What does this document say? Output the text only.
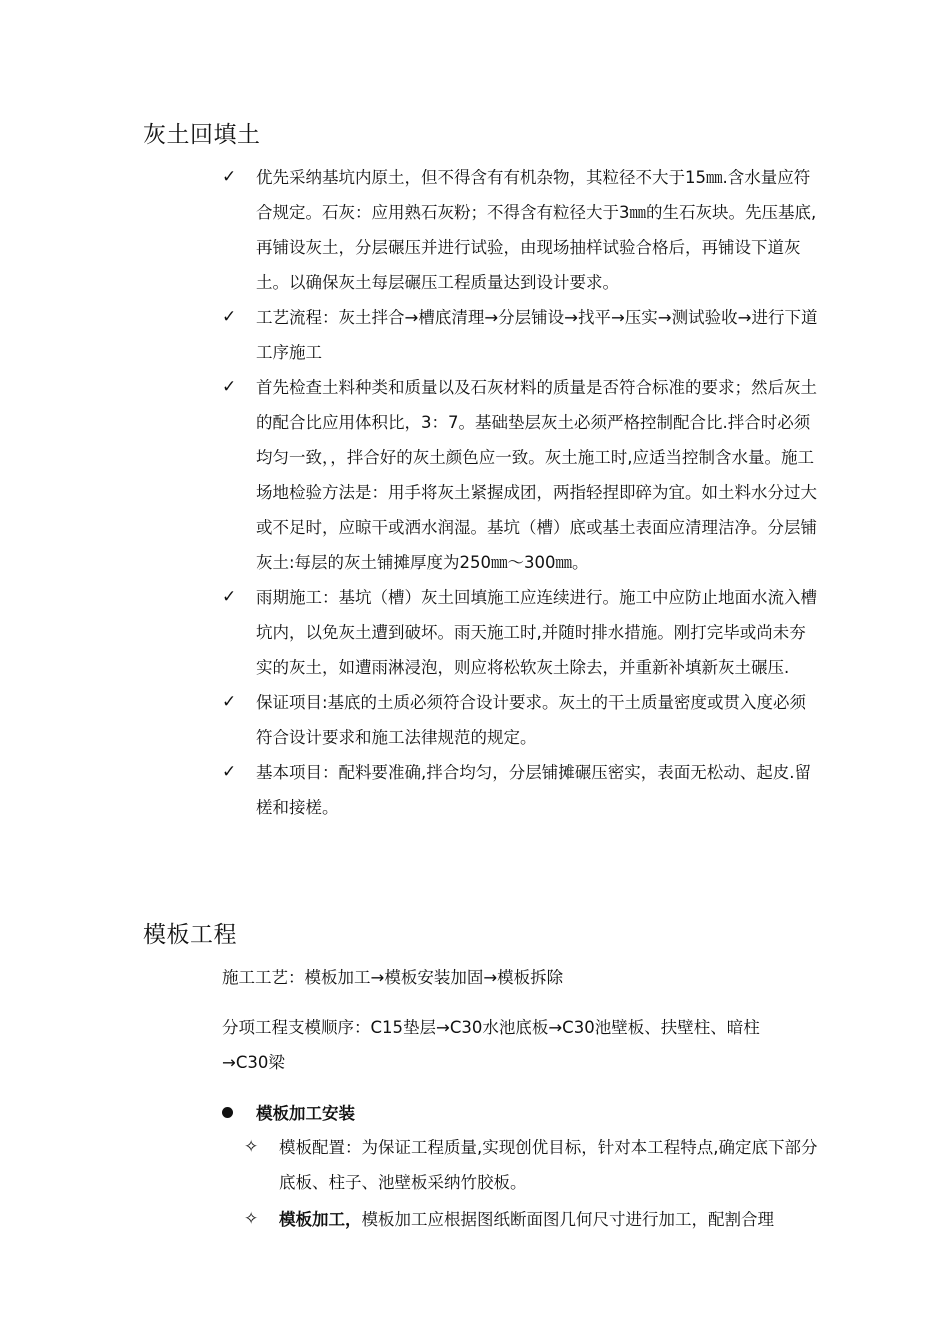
灰土回填土
✓ 优先采纳基坑内原土，但不得含有有机杂物，其粒径不大于15㎜.含水量应符合规定。石灰：应用熟石灰粉；不得含有粒径大于3㎜的生石灰块。先压基底,再铺设灰土，分层碾压并进行试验，由现场抽样试验合格后，再铺设下道灰土。以确保灰土每层碾压工程质量达到设计要求。
✓ 工艺流程：灰土拌合→槽底清理→分层铺设→找平→压实→测试验收→进行下道工序施工
✓ 首先检查土料种类和质量以及石灰材料的质量是否符合标准的要求；然后灰土的配合比应用体积比，3：7。基础垫层灰土必须严格控制配合比.拌合时必须均匀一致，，拌合好的灰土颜色应一致。灰土施工时,应适当控制含水量。施工场地检验方法是：用手将灰土紧握成团，两指轻捏即碎为宜。如土料水分过大或不足时，应晾干或洒水润湿。基坑（槽）底或基土表面应清理洁净。分层铺灰土:每层的灰土铺摊厚度为250㎜～300㎜。
✓ 雨期施工：基坑（槽）灰土回填施工应连续进行。施工中应防止地面水流入槽坑内，以免灰土遭到破坏。雨天施工时,并随时排水措施。刚打完毕或尚未夯实的灰土，如遭雨淋浸泡，则应将松软灰土除去，并重新补填新灰土碾压.
✓ 保证项目:基底的土质必须符合设计要求。灰土的干土质量密度或贯入度必须符合设计要求和施工法律规范的规定。
✓ 基本项目：配料要准确,拌合均匀，分层铺摊碾压密实，表面无松动、起皮.留槎和接槎。
模板工程

施工工艺：模板加工→模板安装加固→模板拆除

分项工程支模顺序：C15垫层→C30水池底板→C30池壁板、扶壁柱、暗柱→C30梁

模板加工安装
✧ 模板配置：为保证工程质量,实现创优目标，针对本工程特点,确定底下部分底板、柱子、池壁板采纳竹胶板。
✧ 模板加工，模板加工应根据图纸断面图几何尺寸进行加工，配割合理
